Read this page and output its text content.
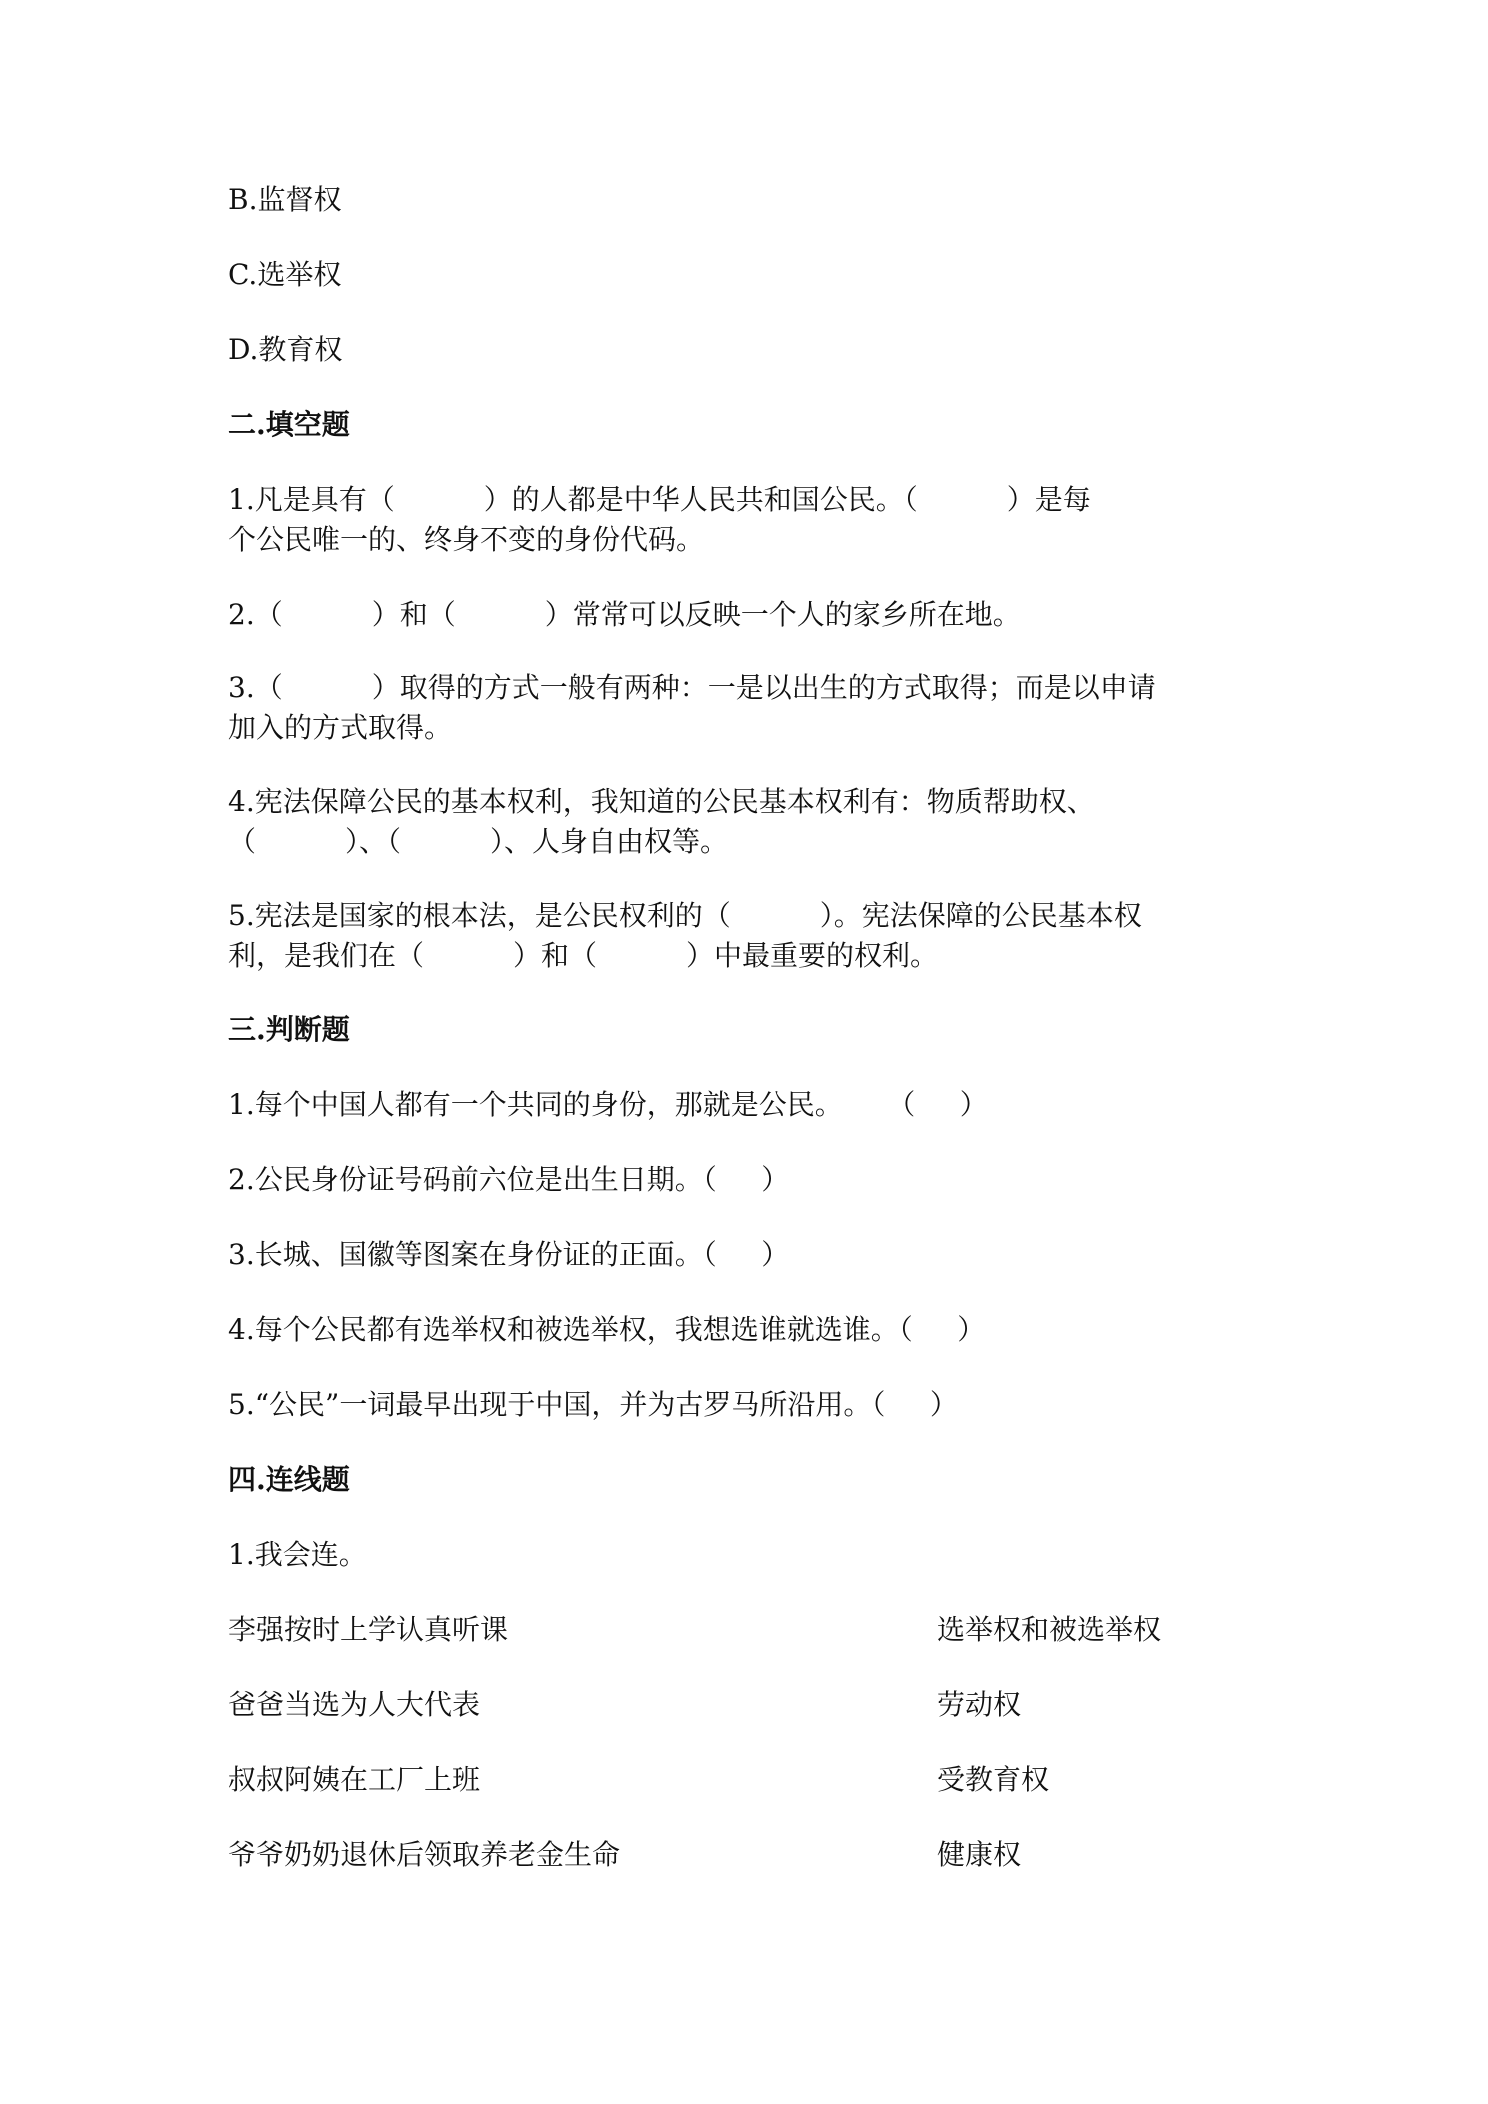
B.监督权
C.选举权
D.教育权
二.填空题
1.凡是具有（          ）的人都是中华人民共和国公民。（          ）是每
个公民唯一的、终身不变的身份代码。
2.（          ）和（          ）常常可以反映一个人的家乡所在地。
3.（          ）取得的方式一般有两种：一是以出生的方式取得；而是以申请
加入的方式取得。
4.宪法保障公民的基本权利，我知道的公民基本权利有：物质帮助权、
（          ）、（          ）、人身自由权等。
5.宪法是国家的根本法，是公民权利的（          ）。宪法保障的公民基本权
利，是我们在（          ）和（          ）中最重要的权利。
三.判断题
1.每个中国人都有一个共同的身份，那就是公民。     （     ）
2.公民身份证号码前六位是出生日期。（     ）
3.长城、国徽等图案在身份证的正面。（     ）
4.每个公民都有选举权和被选举权，我想选谁就选谁。（     ）
5.“公民”一词最早出现于中国，并为古罗马所沿用。（     ）
四.连线题
1.我会连。
李强按时上学认真听课	选举权和被选举权
爸爸当选为人大代表	劳动权
叔叔阿姨在工厂上班	受教育权
爷爷奶奶退休后领取养老金生命	健康权
